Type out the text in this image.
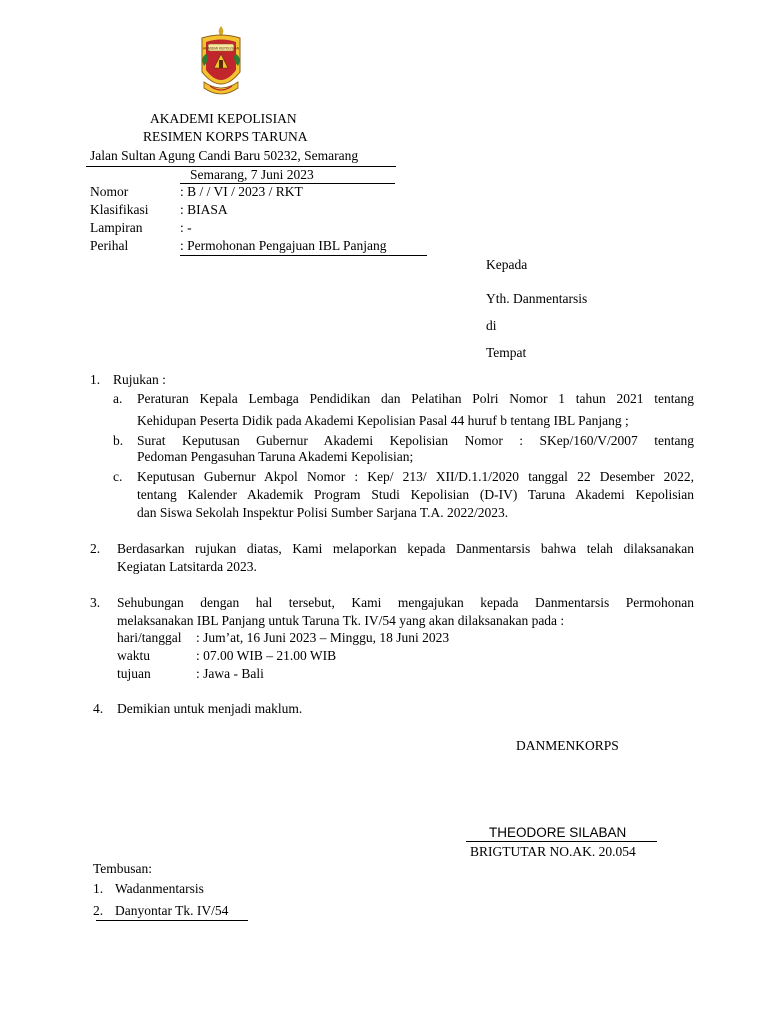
AKADEMI KEPOLISIAN
AKADEMI KEPOLISIAN
RESIMEN KORPS TARUNA
Jalan Sultan Agung Candi Baru 50232, Semarang
Semarang, 7 Juni 2023
Nomor	: B / / VI / 2023 / RKT
Klasifikasi : BIASA
Lampiran	: -
Perihal	: Permohonan Pengajuan IBL Panjang
Kepada
Yth. Danmentarsis
di
Tempat
1. Rujukan :
a. Peraturan Kepala Lembaga Pendidikan dan Pelatihan Polri Nomor 1 tahun 2021 tentang
Kehidupan Peserta Didik pada Akademi Kepolisian Pasal 44 huruf b tentang IBL Panjang ;
b. Surat Keputusan Gubernur Akademi Kepolisian Nomor : SKep/160/V/2007 tentang
Pedoman Pengasuhan Taruna Akademi Kepolisian;
c. Keputusan Gubernur Akpol Nomor : Kep/ 213/ XII/D.1.1/2020 tanggal 22 Desember 2022,
tentang Kalender Akademik Program Studi Kepolisian (D-IV) Taruna Akademi Kepolisian
dan Siswa Sekolah Inspektur Polisi Sumber Sarjana T.A. 2022/2023.
2. Berdasarkan rujukan diatas, Kami melaporkan kepada Danmentarsis bahwa telah dilaksanakan
Kegiatan Latsitarda 2023.
3. Sehubungan dengan hal tersebut, Kami mengajukan kepada Danmentarsis Permohonan
melaksanakan IBL Panjang untuk Taruna Tk. IV/54 yang akan dilaksanakan pada :
hari/tanggal : Jum’at, 16 Juni 2023 – Minggu, 18 Juni 2023
waktu	: 07.00 WIB – 21.00 WIB
tujuan	: Jawa - Bali
4. Demikian untuk menjadi maklum.
DANMENKORPS
THEODORE SILABAN
BRIGTUTAR NO.AK. 20.054
Tembusan:
1. Wadanmentarsis
2. Danyontar Tk. IV/54
